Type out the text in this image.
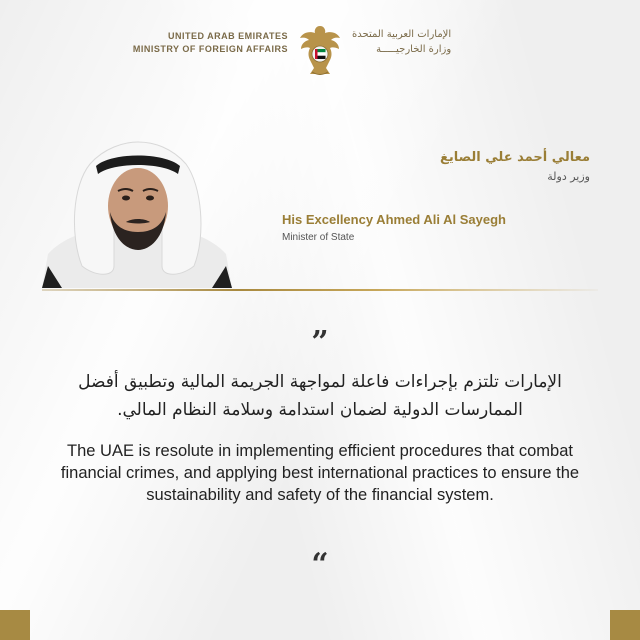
UNITED ARAB EMIRATES
MINISTRY OF FOREIGN AFFAIRS
الإمارات العربية المتحدة
وزارة الخارجيـــــة
معالي أحمد علي الصايغ
وزير دولة
His Excellency Ahmed Ali Al Sayegh
Minister of State
”
الإمارات تلتزم بإجراءات فاعلة لمواجهة الجريمة المالية وتطبيق أفضل الممارسات الدولية لضمان استدامة وسلامة النظام المالي.
The UAE is resolute in implementing efficient procedures that combat financial crimes, and applying best international practices to ensure the sustainability and safety of the financial system.
“
